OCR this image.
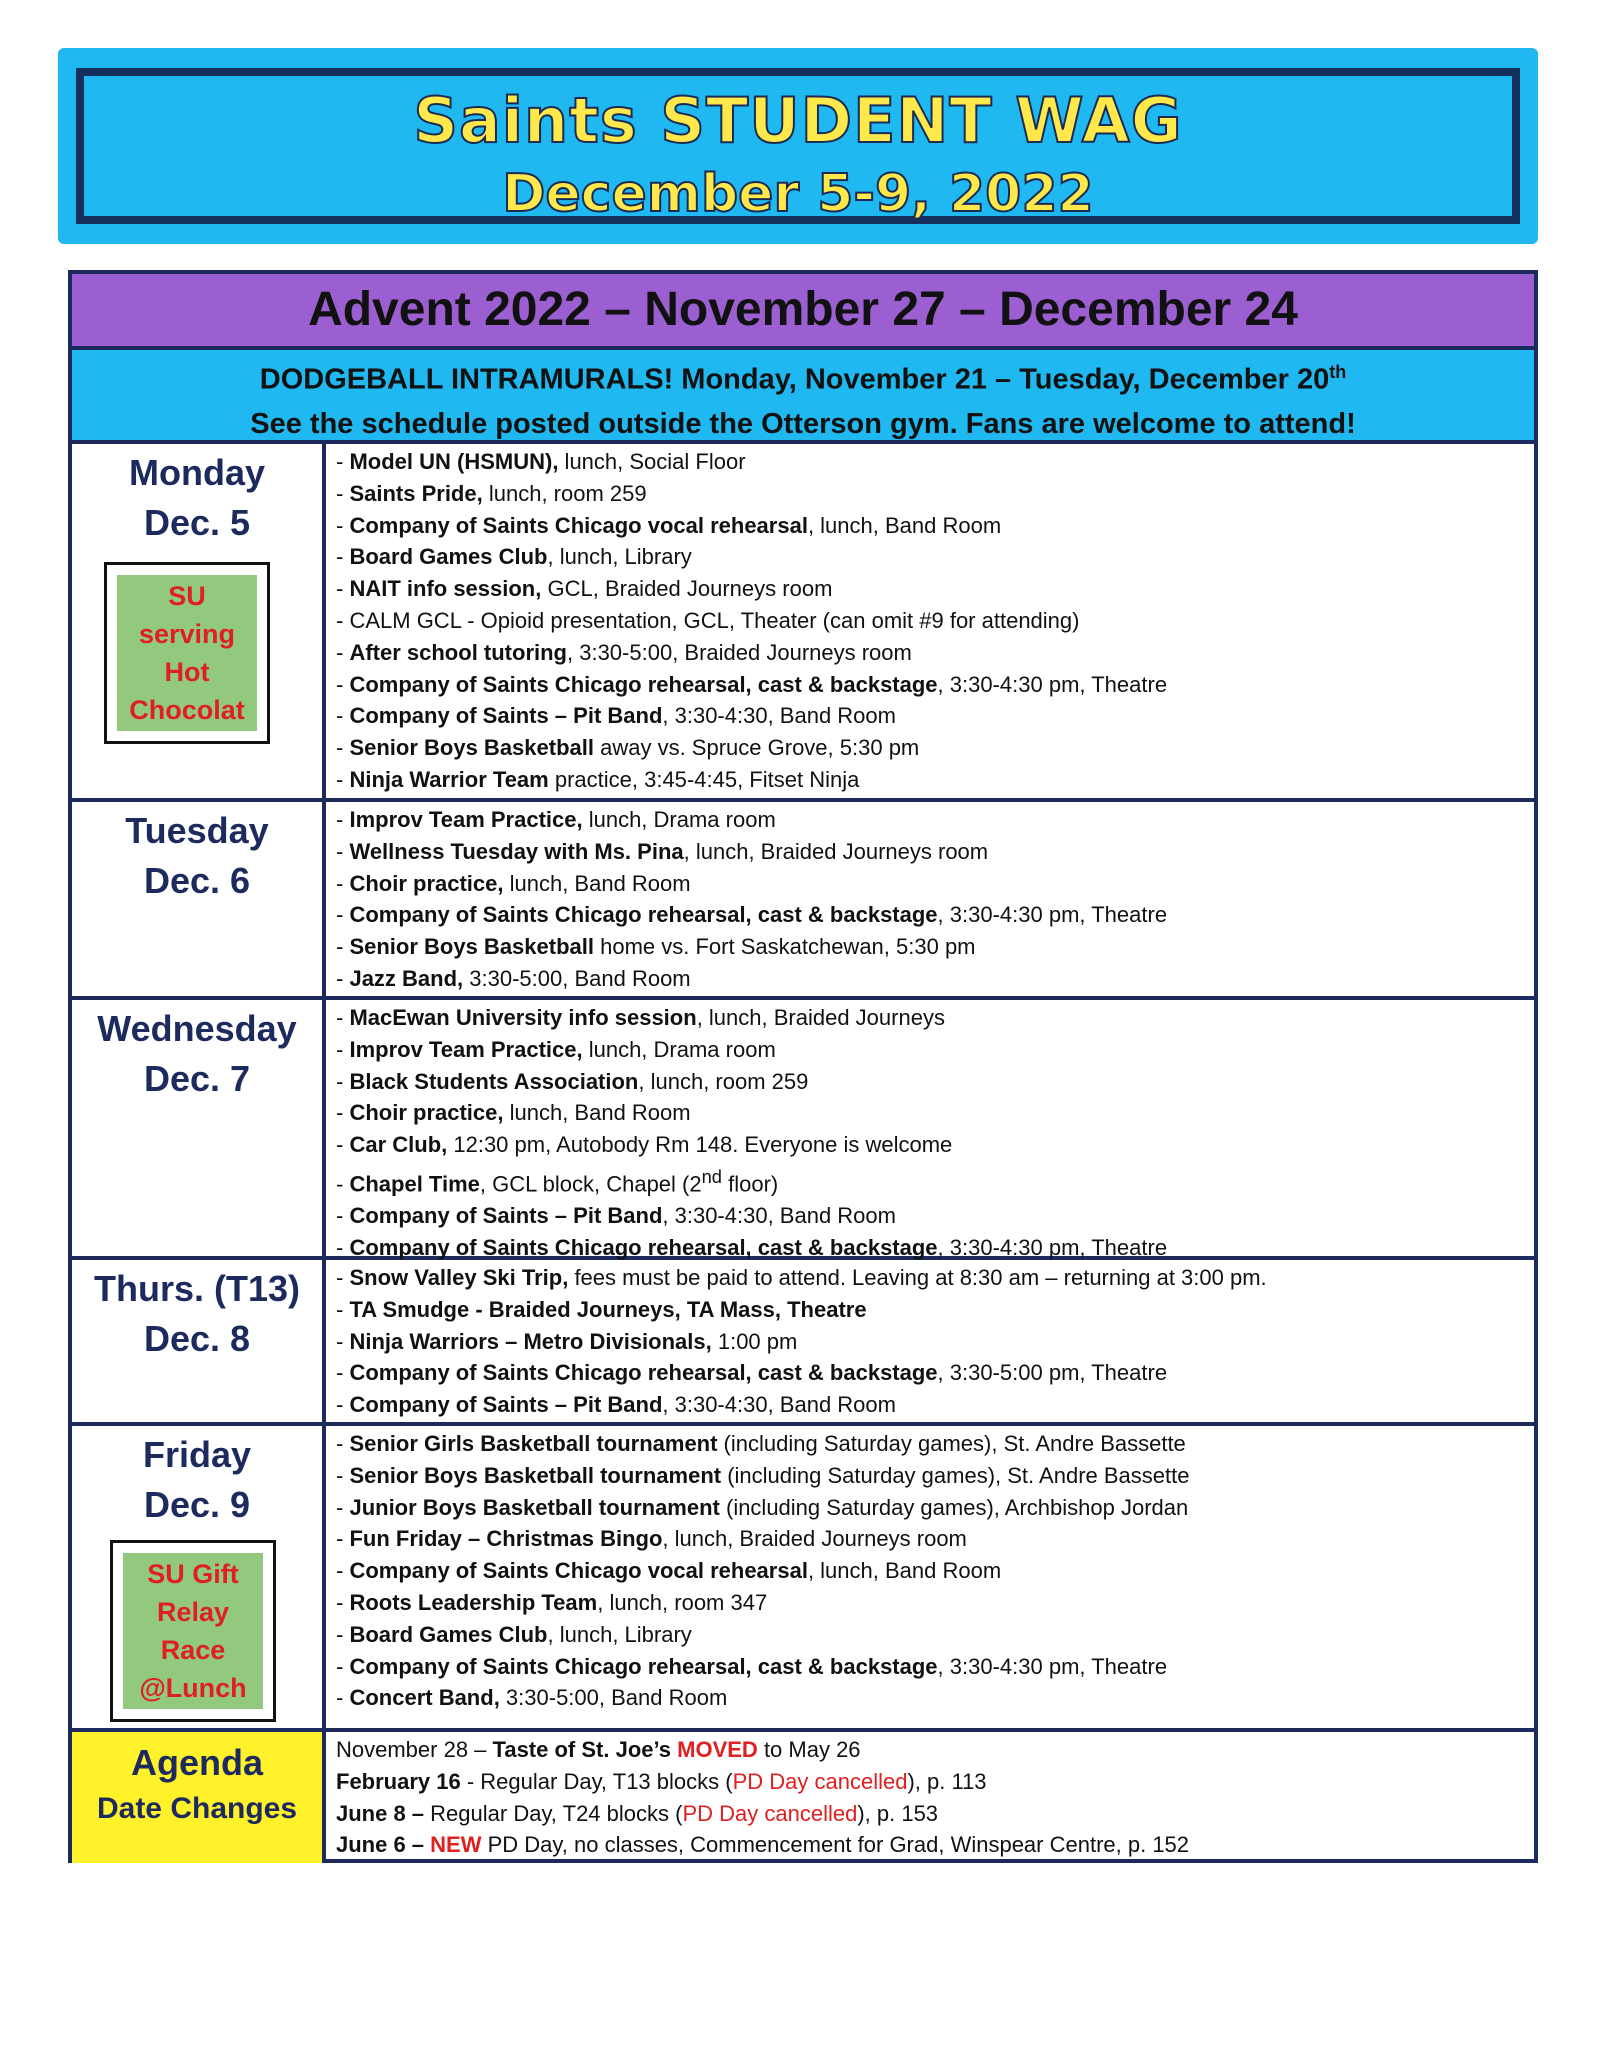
Saints STUDENT WAG
December 5-9, 2022
Advent 2022 – November 27 – December 24
DODGEBALL INTRAMURALS! Monday, November 21 – Tuesday, December 20th
See the schedule posted outside the Otterson gym. Fans are welcome to attend!
Monday
Dec. 5
SU serving Hot Chocolat
- Model UN (HSMUN), lunch, Social Floor
- Saints Pride, lunch, room 259
- Company of Saints Chicago vocal rehearsal, lunch, Band Room
- Board Games Club, lunch, Library
- NAIT info session, GCL, Braided Journeys room
- CALM GCL - Opioid presentation, GCL, Theater (can omit #9 for attending)
- After school tutoring, 3:30-5:00, Braided Journeys room
- Company of Saints Chicago rehearsal, cast & backstage, 3:30-4:30 pm, Theatre
- Company of Saints – Pit Band, 3:30-4:30, Band Room
- Senior Boys Basketball away vs. Spruce Grove, 5:30 pm
- Ninja Warrior Team practice, 3:45-4:45, Fitset Ninja
Tuesday
Dec. 6
- Improv Team Practice, lunch, Drama room
- Wellness Tuesday with Ms. Pina, lunch, Braided Journeys room
- Choir practice, lunch, Band Room
- Company of Saints Chicago rehearsal, cast & backstage, 3:30-4:30 pm, Theatre
- Senior Boys Basketball home vs. Fort Saskatchewan, 5:30 pm
- Jazz Band, 3:30-5:00, Band Room
Wednesday
Dec. 7
- MacEwan University info session, lunch, Braided Journeys
- Improv Team Practice, lunch, Drama room
- Black Students Association, lunch, room 259
- Choir practice, lunch, Band Room
- Car Club, 12:30 pm, Autobody Rm 148. Everyone is welcome
- Chapel Time, GCL block, Chapel (2nd floor)
- Company of Saints – Pit Band, 3:30-4:30, Band Room
- Company of Saints Chicago rehearsal, cast & backstage, 3:30-4:30 pm, Theatre
Thurs. (T13)
Dec. 8
- Snow Valley Ski Trip, fees must be paid to attend. Leaving at 8:30 am – returning at 3:00 pm.
- TA Smudge - Braided Journeys, TA Mass, Theatre
- Ninja Warriors – Metro Divisionals, 1:00 pm
- Company of Saints Chicago rehearsal, cast & backstage, 3:30-5:00 pm, Theatre
- Company of Saints – Pit Band, 3:30-4:30, Band Room
Friday
Dec. 9
SU Gift Relay Race @Lunch
- Senior Girls Basketball tournament (including Saturday games), St. Andre Bassette
- Senior Boys Basketball tournament (including Saturday games), St. Andre Bassette
- Junior Boys Basketball tournament (including Saturday games), Archbishop Jordan
- Fun Friday – Christmas Bingo, lunch, Braided Journeys room
- Company of Saints Chicago vocal rehearsal, lunch, Band Room
- Roots Leadership Team, lunch, room 347
- Board Games Club, lunch, Library
- Company of Saints Chicago rehearsal, cast & backstage, 3:30-4:30 pm, Theatre
- Concert Band, 3:30-5:00, Band Room
Agenda
Date Changes
November 28 – Taste of St. Joe’s MOVED to May 26
February 16 - Regular Day, T13 blocks (PD Day cancelled), p. 113
June 8 – Regular Day, T24 blocks (PD Day cancelled), p. 153
June 6 – NEW PD Day, no classes, Commencement for Grad, Winspear Centre, p. 152
